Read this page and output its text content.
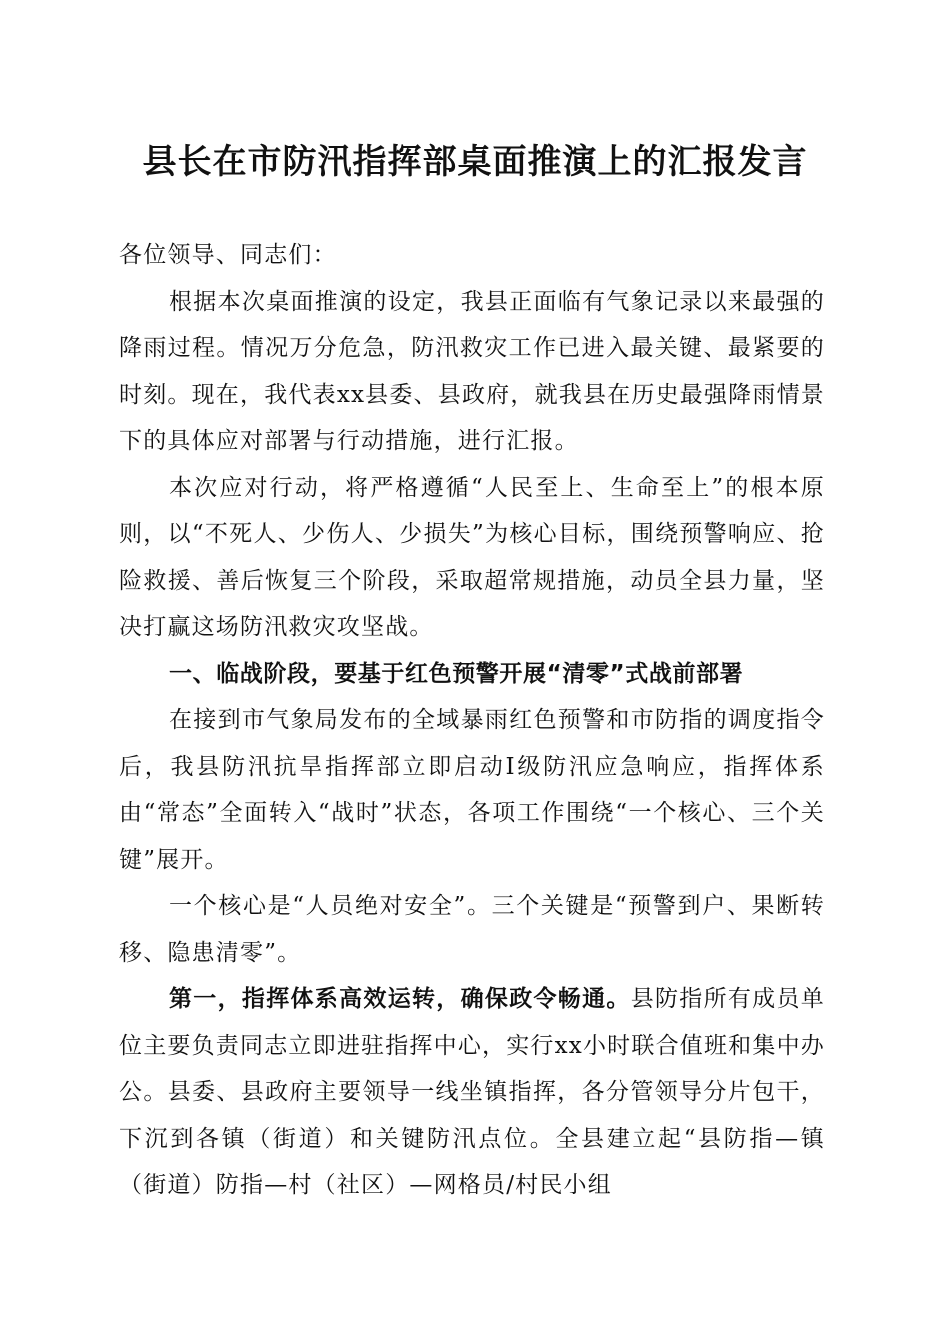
县长在市防汛指挥部桌面推演上的汇报发言

各位领导、同志们：

根据本次桌面推演的设定，我县正面临有气象记录以来最强的降雨过程。情况万分危急，防汛救灾工作已进入最关键、最紧要的时刻。现在，我代表xx县委、县政府，就我县在历史最强降雨情景下的具体应对部署与行动措施，进行汇报。

本次应对行动，将严格遵循“人民至上、生命至上”的根本原则，以“不死人、少伤人、少损失”为核心目标，围绕预警响应、抢险救援、善后恢复三个阶段，采取超常规措施，动员全县力量，坚决打赢这场防汛救灾攻坚战。

一、临战阶段，要基于红色预警开展“清零”式战前部署

在接到市气象局发布的全域暴雨红色预警和市防指的调度指令后，我县防汛抗旱指挥部立即启动Ⅰ级防汛应急响应，指挥体系由“常态”全面转入“战时”状态，各项工作围绕“一个核心、三个关键”展开。

一个核心是“人员绝对安全”。三个关键是“预警到户、果断转移、隐患清零”。

第一，指挥体系高效运转，确保政令畅通。县防指所有成员单位主要负责同志立即进驻指挥中心，实行xx小时联合值班和集中办公。县委、县政府主要领导一线坐镇指挥，各分管领导分片包干，下沉到各镇（街道）和关键防汛点位。全县建立起“县防指—镇（街道）防指—村（社区）—网格员/村民小组
